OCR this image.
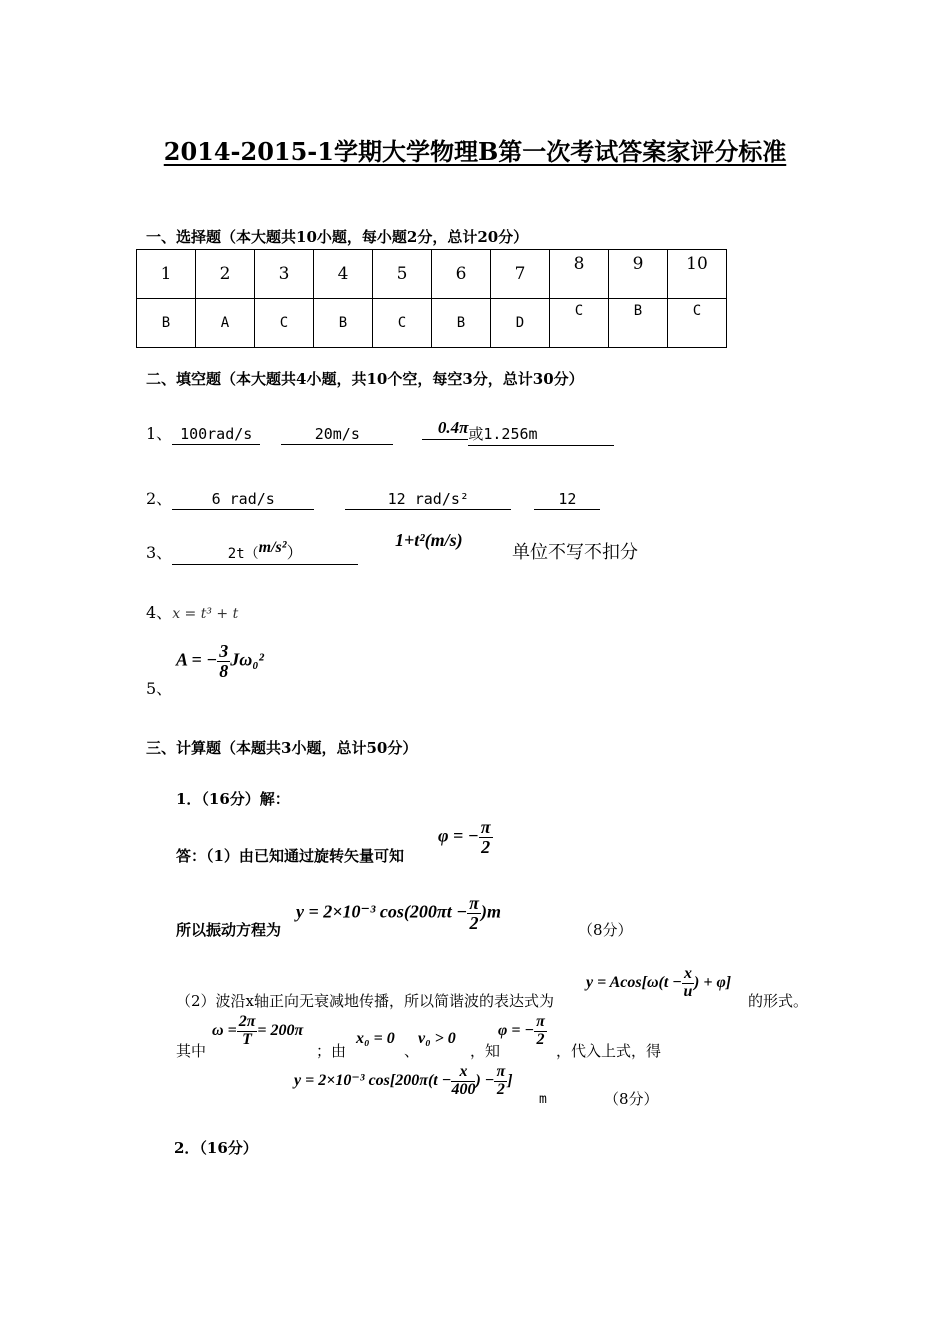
2014-2015-1学期大学物理B第一次考试答案家评分标准
一、选择题（本大题共10小题，每小题2分，总计20分）
1	2	3	4	5	6	7	8	9	10
B	A	C	B	C	B	D	C	B	C
二、填空题（本大题共4小题，共10个空，每空3分，总计30分）
1、 100rad/s	20m/s	0.4π或1.256m
2、	6 rad/s	12 rad/s²	12
3、	2t（m/s²）
1+t²(m/s)
单位不写不扣分
4、x = t³ + t
5、
A = − $\frac{3}{8} J\omega_0^2$
三、计算题（本题共3小题，总计50分）
1．（16分）解：
答：（1）由已知通过旋转矢量可知
φ = − $\frac{\pi}{2}$
所以振动方程为
y = 2×10⁻³ $\cos(200\pi t - \frac{\pi}{2} )m$
（8分）
（2）波沿x轴正向无衰减地传播，所以简谐波的表达式为
$y = Acos[\omega(t - \frac{x}{u}$ ) + φ]
的形式。
其中
$\omega = \frac{2\pi}{T} = 200\pi$
；由
x₀ = 0
、
v₀ > 0
，知
φ = − $\frac{\pi}{2}$
，代入上式，得
y = 2×10⁻³ $\cos[200\pi(t - \frac{x}{400}$ ) − $\frac{\pi}{2}$ ]
m	（8分）
2．（16分）
